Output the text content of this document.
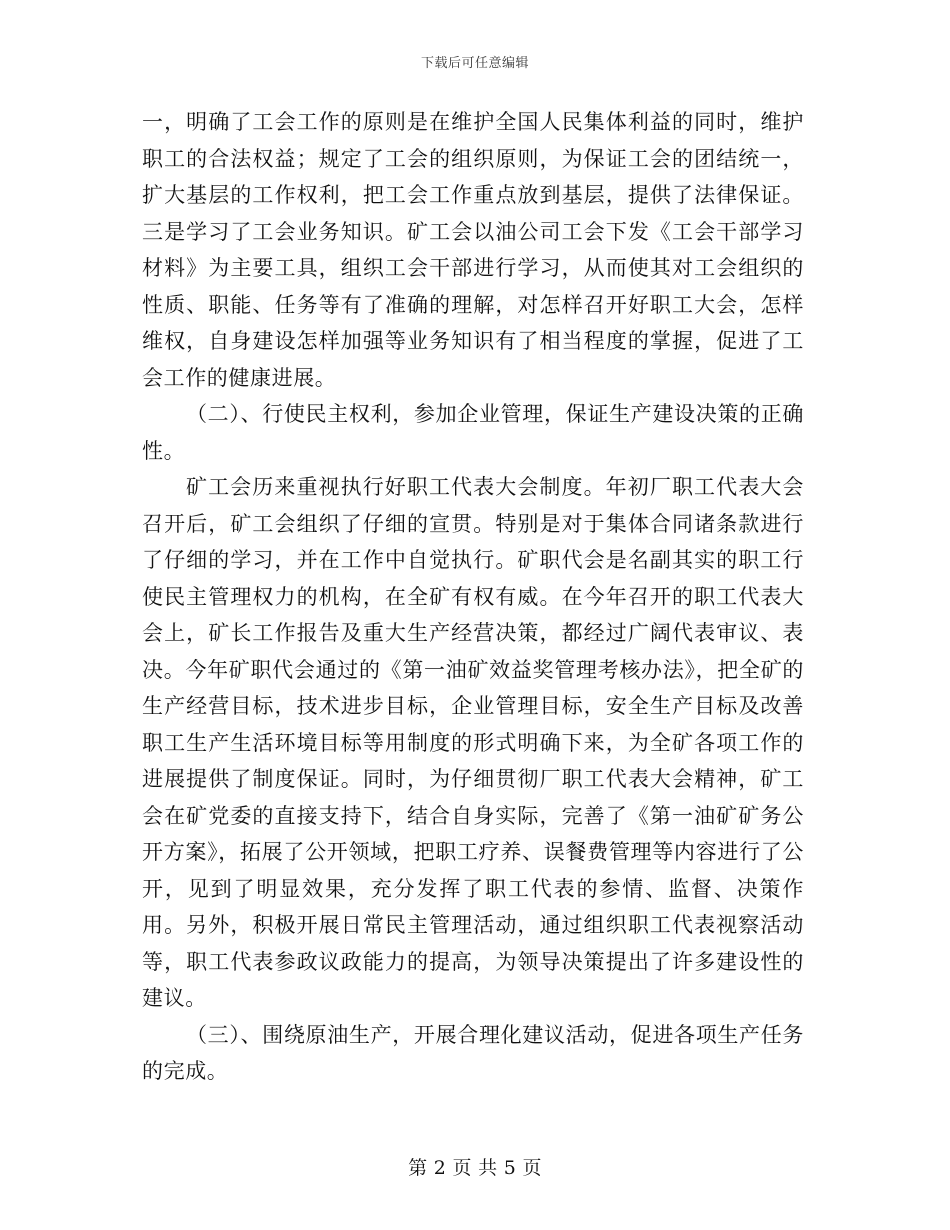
下载后可任意编辑

一，明确了工会工作的原则是在维护全国人民集体利益的同时，维护职工的合法权益；规定了工会的组织原则，为保证工会的团结统一，扩大基层的工作权利，把工会工作重点放到基层，提供了法律保证。三是学习了工会业务知识。矿工会以油公司工会下发《工会干部学习材料》为主要工具，组织工会干部进行学习，从而使其对工会组织的性质、职能、任务等有了准确的理解，对怎样召开好职工大会，怎样维权，自身建设怎样加强等业务知识有了相当程度的掌握，促进了工会工作的健康进展。

（二）、行使民主权利，参加企业管理，保证生产建设决策的正确性。

矿工会历来重视执行好职工代表大会制度。年初厂职工代表大会召开后，矿工会组织了仔细的宣贯。特别是对于集体合同诸条款进行了仔细的学习，并在工作中自觉执行。矿职代会是名副其实的职工行使民主管理权力的机构，在全矿有权有威。在今年召开的职工代表大会上，矿长工作报告及重大生产经营决策，都经过广阔代表审议、表决。今年矿职代会通过的《第一油矿效益奖管理考核办法》，把全矿的生产经营目标，技术进步目标，企业管理目标，安全生产目标及改善职工生产生活环境目标等用制度的形式明确下来，为全矿各项工作的进展提供了制度保证。同时，为仔细贯彻厂职工代表大会精神，矿工会在矿党委的直接支持下，结合自身实际，完善了《第一油矿矿务公开方案》，拓展了公开领域，把职工疗养、误餐费管理等内容进行了公开，见到了明显效果，充分发挥了职工代表的参情、监督、决策作用。另外，积极开展日常民主管理活动，通过组织职工代表视察活动等，职工代表参政议政能力的提高，为领导决策提出了许多建设性的建议。

（三）、围绕原油生产，开展合理化建议活动，促进各项生产任务的完成。

第 2 页 共 5 页
